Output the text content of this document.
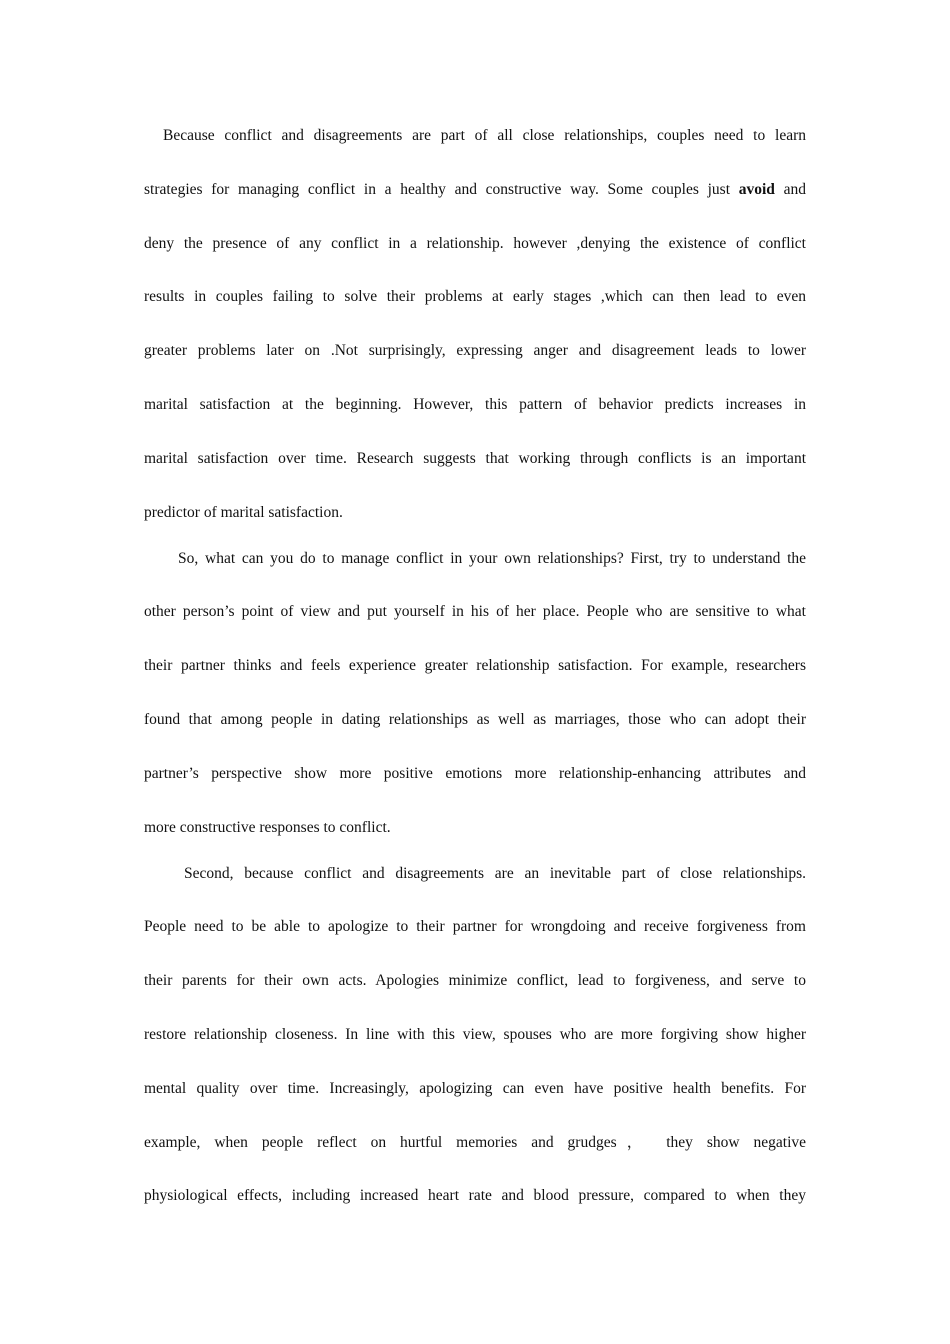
Because conflict and disagreements are part of all close relationships, couples need to learn
strategies for managing conflict in a healthy and constructive way. Some couples just avoid and
deny the presence of any conflict in a relationship. however ,denying the existence of conflict
results in couples failing to solve their problems at early stages ,which can then lead to even
greater problems later on .Not surprisingly, expressing anger and disagreement leads to lower
marital satisfaction at the beginning. However, this pattern of behavior predicts increases in
marital satisfaction over time. Research suggests that working through conflicts is an important
predictor of marital satisfaction.
So, what can you do to manage conflict in your own relationships? First, try to understand the
other person’s point of view and put yourself in his of her place. People who are sensitive to what
their partner thinks and feels experience greater relationship satisfaction. For example, researchers
found that among people in dating relationships as well as marriages, those who can adopt their
partner’s perspective show more positive emotions more relationship-enhancing attributes and
more constructive responses to conflict.
Second, because conflict and disagreements are an inevitable part of close relationships.
People need to be able to apologize to their partner for wrongdoing and receive forgiveness from
their parents for their own acts. Apologies minimize conflict, lead to forgiveness, and serve to
restore relationship closeness. In line with this view, spouses who are more forgiving show higher
mental quality over time. Increasingly, apologizing can even have positive health benefits. For
example, when people reflect on hurtful memories and grudges， they show negative
physiological effects, including increased heart rate and blood pressure, compared to when they
